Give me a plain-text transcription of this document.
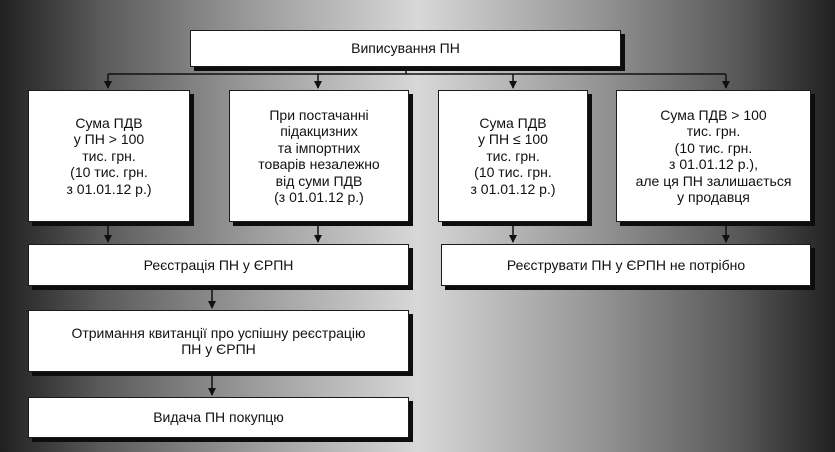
Виписування ПН
Сума ПДВ
у ПН > 100
тис. грн.
(10 тис. грн.
з 01.01.12 р.)
При постачанні
підакцизних
та імпортних
товарів незалежно
від суми ПДВ
(з 01.01.12 р.)
Сума ПДВ
у ПН ≤ 100
тис. грн.
(10 тис. грн.
з 01.01.12 р.)
Сума ПДВ > 100
тис. грн.
(10 тис. грн.
з 01.01.12 р.),
але ця ПН залишається
у продавця
Реєстрація ПН у ЄРПН	Реєструвати ПН у ЄРПН не потрібно
Отримання квитанції про успішну реєстрацію
ПН у ЄРПН
Видача ПН покупцю
